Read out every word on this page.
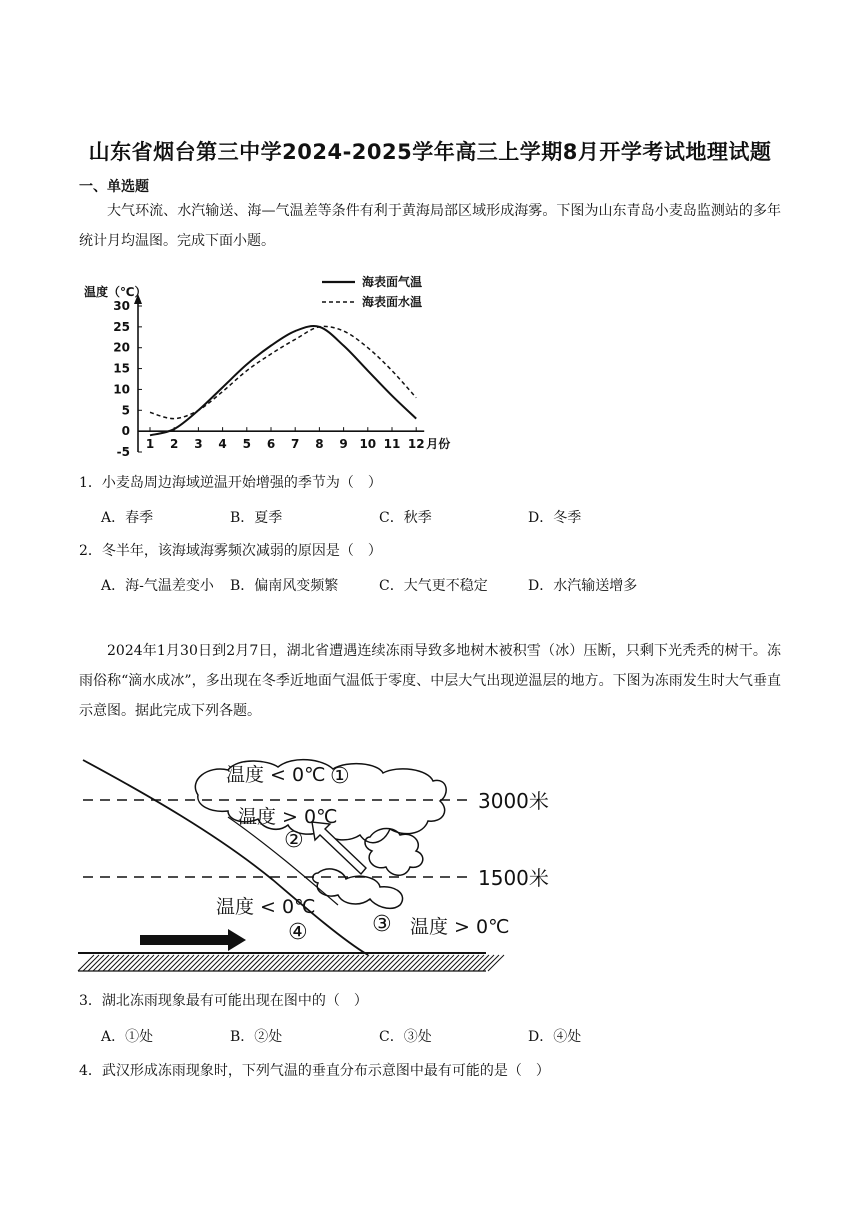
山东省烟台第三中学2024-2025学年高三上学期8月开学考试地理试题
一、单选题
大气环流、水汽输送、海—气温差等条件有利于黄海局部区域形成海雾。下图为山东青岛小麦岛监测站的多年统计月均温图。完成下面小题。
30
25
20
15
10
5
0
-5
1 2 3 4 5 6 7 8 9 10 11 12
温度（℃）
月份
海表面气温
海表面水温
1．小麦岛周边海域逆温开始增强的季节为（　）
A．春季	B．夏季	C．秋季	D．冬季
2．冬半年，该海域海雾频次减弱的原因是（　）
A．海-气温差变小 B．偏南风变频繁	C．大气更不稳定	D．水汽输送增多
2024年1月30日到2月7日，湖北省遭遇连续冻雨导致多地树木被积雪（冰）压断，只剩下光秃秃的树干。冻雨俗称“滴水成冰”，多出现在冬季近地面气温低于零度、中层大气出现逆温层的地方。下图为冻雨发生时大气垂直示意图。据此完成下列各题。
温度 < 0℃ ①
温度 > 0℃
②
3000米
1500米
温度 < 0℃
④	③ 温度 > 0℃
3．湖北冻雨现象最有可能出现在图中的（　）
A．①处	B．②处	C．③处	D．④处
4．武汉形成冻雨现象时，下列气温的垂直分布示意图中最有可能的是（　）
